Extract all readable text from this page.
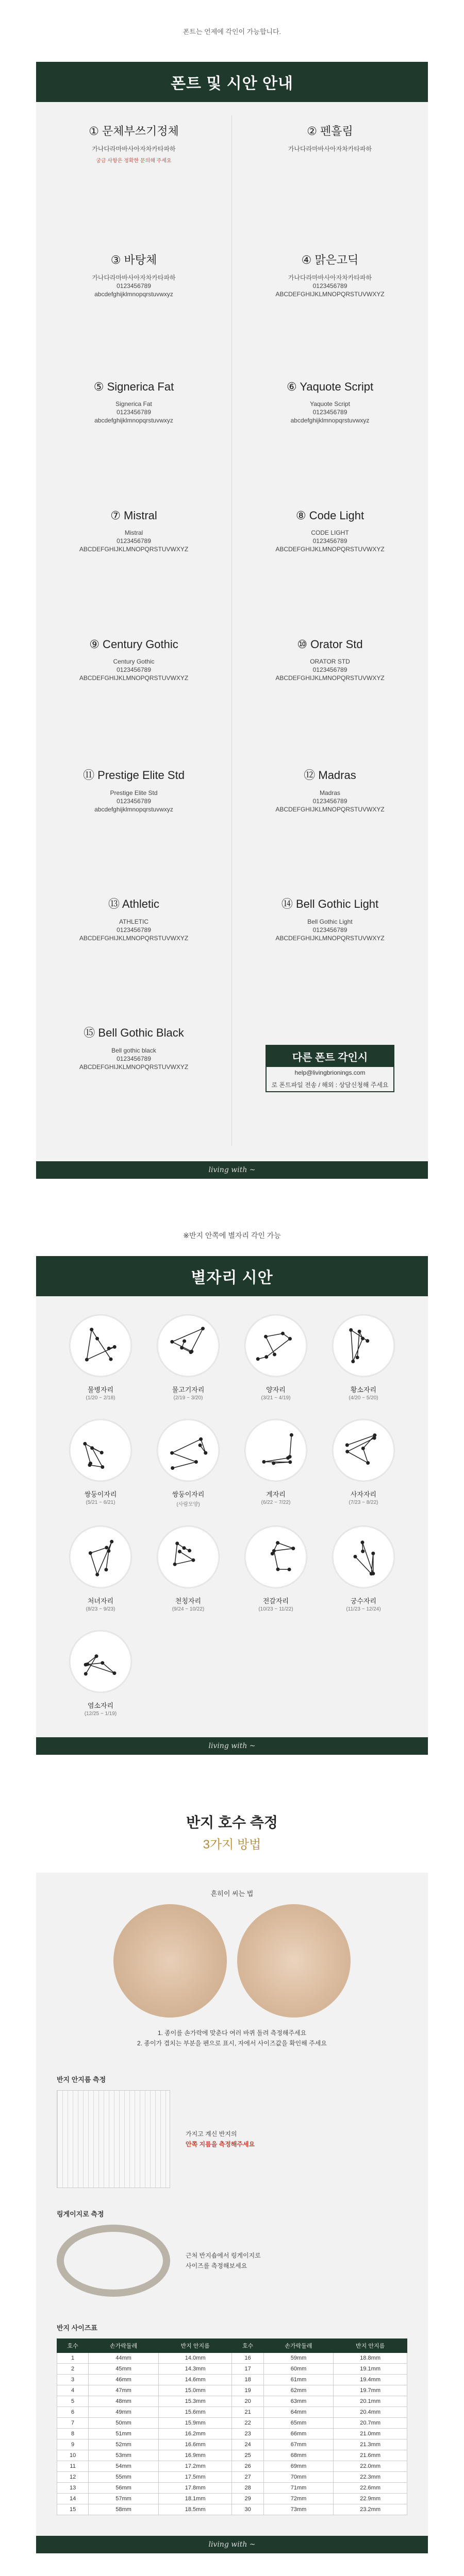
폰트는 언제에 각인이 가능합니다.
폰트 및 시안 안내
① 문체부쓰기정체
가나다라마바사아자차카타파하
궁금 사항은 정확한 문의해 주세요
② 펜흘림
가나다라마바사아자차카타파하
③ 바탕체
가나다라마바사아자차카타파하
0123456789
abcdefghijklmnopqrstuvwxyz
④ 맑은고딕
가나다라마바사아자차카타파하
0123456789
ABCDEFGHIJKLMNOPQRSTUVWXYZ
⑤ Signerica Fat
Signerica Fat
0123456789
abcdefghijklmnopqrstuvwxyz
⑥ Yaquote Script
Yaquote Script
0123456789
abcdefghijklmnopqrstuvwxyz
⑦ Mistral
Mistral
0123456789
ABCDEFGHIJKLMNOPQRSTUVWXYZ
⑧ Code Light
CODE LIGHT
0123456789
ABCDEFGHIJKLMNOPQRSTUVWXYZ
⑨ Century Gothic
Century Gothic
0123456789
ABCDEFGHIJKLMNOPQRSTUVWXYZ
⑩ Orator Std
ORATOR STD
0123456789
ABCDEFGHIJKLMNOPQRSTUVWXYZ
⑪ Prestige Elite Std
Prestige Elite Std
0123456789
abcdefghijklmnopqrstuvwxyz
⑫ Madras
Madras
0123456789
ABCDEFGHIJKLMNOPQRSTUVWXYZ
⑬ Athletic
ATHLETIC
0123456789
ABCDEFGHIJKLMNOPQRSTUVWXYZ
⑭ Bell Gothic Light
Bell Gothic Light
0123456789
ABCDEFGHIJKLMNOPQRSTUVWXYZ
⑮ Bell Gothic Black
Bell gothic black
0123456789
ABCDEFGHIJKLMNOPQRSTUVWXYZ
다른 폰트 각인시
help@livingbrionings.com
로 폰트파일 전송 / 해외 : 상담신청해 주세요
living with ~
※반지 안쪽에 별자리 각인 가능
별자리 시안
물병자리
(1/20 ~ 2/18)
물고기자리
(2/19 ~ 3/20)
양자리
(3/21 ~ 4/19)
황소자리
(4/20 ~ 5/20)
쌍둥이자리
(5/21 ~ 6/21)
쌍둥이자리
(사람모양)
게자리
(6/22 ~ 7/22)
사자자리
(7/23 ~ 8/22)
처녀자리
(8/23 ~ 9/23)
천칭자리
(9/24 ~ 10/22)
전갈자리
(10/23 ~ 11/22)
궁수자리
(11/23 ~ 12/24)
염소자리
(12/25 ~ 1/19)
living with ~
반지 호수 측정
3가지 방법
흔히이 씨는 법
1. 종이를 손가락에 맞춘다 여러 바퀴 돌려 측정해주세요
2. 종이가 겹치는 부분을 펜으로 표시, 자에서 사이즈값을 확인해 주세요
반지 안지름 측정
가지고 계신 반지의
안쪽 지름을 측정해주세요
링게이지로 측정
근처 반지숍에서 링게이지로
사이즈를 측정해보세요
반지 사이즈표
호수	손가락둘레	반지 안지름	호수	손가락둘레	반지 안지름
1	44mm	14.0mm	16	59mm	18.8mm
2	45mm	14.3mm	17	60mm	19.1mm
3	46mm	14.6mm	18	61mm	19.4mm
4	47mm	15.0mm	19	62mm	19.7mm
5	48mm	15.3mm	20	63mm	20.1mm
6	49mm	15.6mm	21	64mm	20.4mm
7	50mm	15.9mm	22	65mm	20.7mm
8	51mm	16.2mm	23	66mm	21.0mm
9	52mm	16.6mm	24	67mm	21.3mm
10	53mm	16.9mm	25	68mm	21.6mm
11	54mm	17.2mm	26	69mm	22.0mm
12	55mm	17.5mm	27	70mm	22.3mm
13	56mm	17.8mm	28	71mm	22.6mm
14	57mm	18.1mm	29	72mm	22.9mm
15	58mm	18.5mm	30	73mm	23.2mm
living with ~
